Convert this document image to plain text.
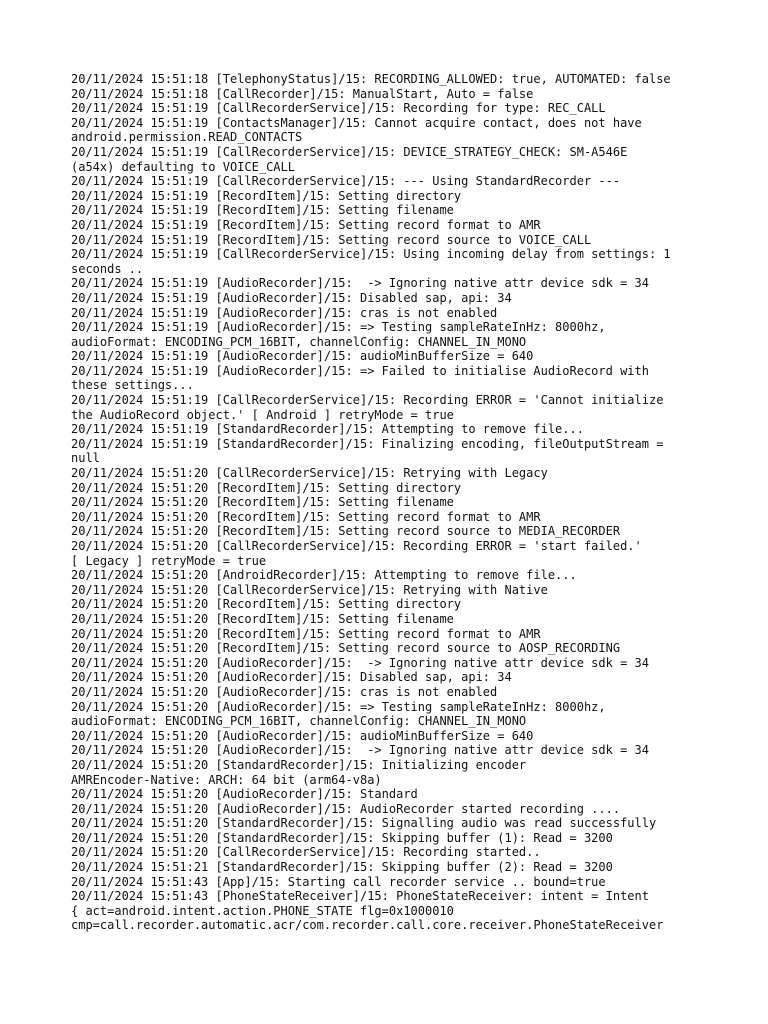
20/11/2024 15:51:18 [TelephonyStatus]/15: RECORDING_ALLOWED: true, AUTOMATED: false
20/11/2024 15:51:18 [CallRecorder]/15: ManualStart, Auto = false
20/11/2024 15:51:19 [CallRecorderService]/15: Recording for type: REC_CALL
20/11/2024 15:51:19 [ContactsManager]/15: Cannot acquire contact, does not have
android.permission.READ_CONTACTS
20/11/2024 15:51:19 [CallRecorderService]/15: DEVICE_STRATEGY_CHECK: SM-A546E
(a54x) defaulting to VOICE_CALL
20/11/2024 15:51:19 [CallRecorderService]/15: --- Using StandardRecorder ---
20/11/2024 15:51:19 [RecordItem]/15: Setting directory
20/11/2024 15:51:19 [RecordItem]/15: Setting filename
20/11/2024 15:51:19 [RecordItem]/15: Setting record format to AMR
20/11/2024 15:51:19 [RecordItem]/15: Setting record source to VOICE_CALL
20/11/2024 15:51:19 [CallRecorderService]/15: Using incoming delay from settings: 1
seconds ..
20/11/2024 15:51:19 [AudioRecorder]/15:  -> Ignoring native attr device sdk = 34
20/11/2024 15:51:19 [AudioRecorder]/15: Disabled sap, api: 34
20/11/2024 15:51:19 [AudioRecorder]/15: cras is not enabled
20/11/2024 15:51:19 [AudioRecorder]/15: => Testing sampleRateInHz: 8000hz,
audioFormat: ENCODING_PCM_16BIT, channelConfig: CHANNEL_IN_MONO
20/11/2024 15:51:19 [AudioRecorder]/15: audioMinBufferSize = 640
20/11/2024 15:51:19 [AudioRecorder]/15: => Failed to initialise AudioRecord with
these settings...
20/11/2024 15:51:19 [CallRecorderService]/15: Recording ERROR = 'Cannot initialize
the AudioRecord object.' [ Android ] retryMode = true
20/11/2024 15:51:19 [StandardRecorder]/15: Attempting to remove file...
20/11/2024 15:51:19 [StandardRecorder]/15: Finalizing encoding, fileOutputStream =
null
20/11/2024 15:51:20 [CallRecorderService]/15: Retrying with Legacy
20/11/2024 15:51:20 [RecordItem]/15: Setting directory
20/11/2024 15:51:20 [RecordItem]/15: Setting filename
20/11/2024 15:51:20 [RecordItem]/15: Setting record format to AMR
20/11/2024 15:51:20 [RecordItem]/15: Setting record source to MEDIA_RECORDER
20/11/2024 15:51:20 [CallRecorderService]/15: Recording ERROR = 'start failed.'
[ Legacy ] retryMode = true
20/11/2024 15:51:20 [AndroidRecorder]/15: Attempting to remove file...
20/11/2024 15:51:20 [CallRecorderService]/15: Retrying with Native
20/11/2024 15:51:20 [RecordItem]/15: Setting directory
20/11/2024 15:51:20 [RecordItem]/15: Setting filename
20/11/2024 15:51:20 [RecordItem]/15: Setting record format to AMR
20/11/2024 15:51:20 [RecordItem]/15: Setting record source to AOSP_RECORDING
20/11/2024 15:51:20 [AudioRecorder]/15:  -> Ignoring native attr device sdk = 34
20/11/2024 15:51:20 [AudioRecorder]/15: Disabled sap, api: 34
20/11/2024 15:51:20 [AudioRecorder]/15: cras is not enabled
20/11/2024 15:51:20 [AudioRecorder]/15: => Testing sampleRateInHz: 8000hz,
audioFormat: ENCODING_PCM_16BIT, channelConfig: CHANNEL_IN_MONO
20/11/2024 15:51:20 [AudioRecorder]/15: audioMinBufferSize = 640
20/11/2024 15:51:20 [AudioRecorder]/15:  -> Ignoring native attr device sdk = 34
20/11/2024 15:51:20 [StandardRecorder]/15: Initializing encoder
AMREncoder-Native: ARCH: 64 bit (arm64-v8a)
20/11/2024 15:51:20 [AudioRecorder]/15: Standard
20/11/2024 15:51:20 [AudioRecorder]/15: AudioRecorder started recording ....
20/11/2024 15:51:20 [StandardRecorder]/15: Signalling audio was read successfully
20/11/2024 15:51:20 [StandardRecorder]/15: Skipping buffer (1): Read = 3200
20/11/2024 15:51:20 [CallRecorderService]/15: Recording started..
20/11/2024 15:51:21 [StandardRecorder]/15: Skipping buffer (2): Read = 3200
20/11/2024 15:51:43 [App]/15: Starting call recorder service .. bound=true
20/11/2024 15:51:43 [PhoneStateReceiver]/15: PhoneStateReceiver: intent = Intent
{ act=android.intent.action.PHONE_STATE flg=0x1000010
cmp=call.recorder.automatic.acr/com.recorder.call.core.receiver.PhoneStateReceiver
